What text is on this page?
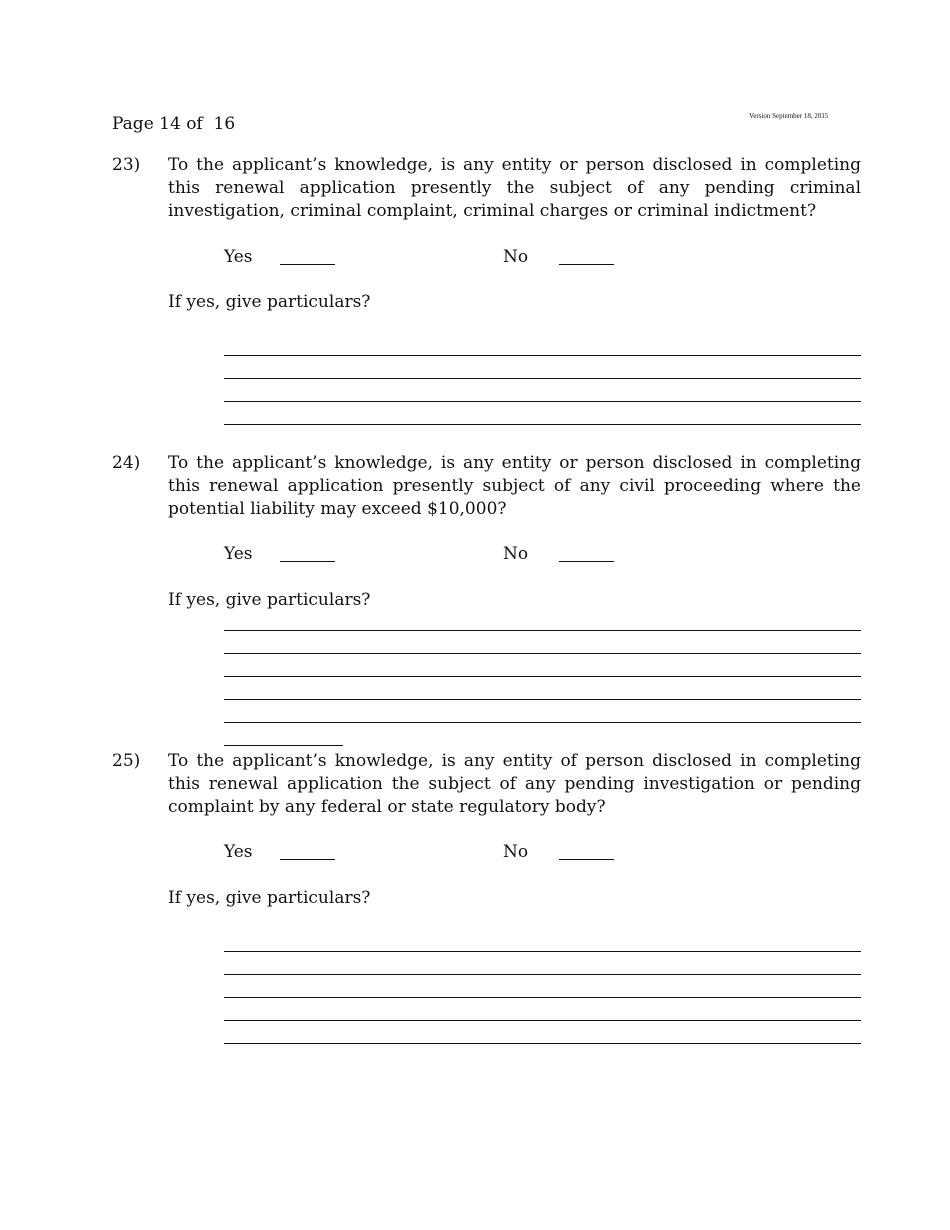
Page 14 of  16	Version September 18, 2015
23) To the applicant’s knowledge, is any entity or person disclosed in completing
this renewal application presently the subject of any pending criminal
investigation, criminal complaint, criminal charges or criminal indictment?
Yes	No
If yes, give particulars?
24) To the applicant’s knowledge, is any entity or person disclosed in completing
this renewal application presently subject of any civil proceeding where the
potential liability may exceed $10,000?
Yes	No
If yes, give particulars?
25) To the applicant’s knowledge, is any entity of person disclosed in completing
this renewal application the subject of any pending investigation or pending
complaint by any federal or state regulatory body?
Yes	No
If yes, give particulars?
